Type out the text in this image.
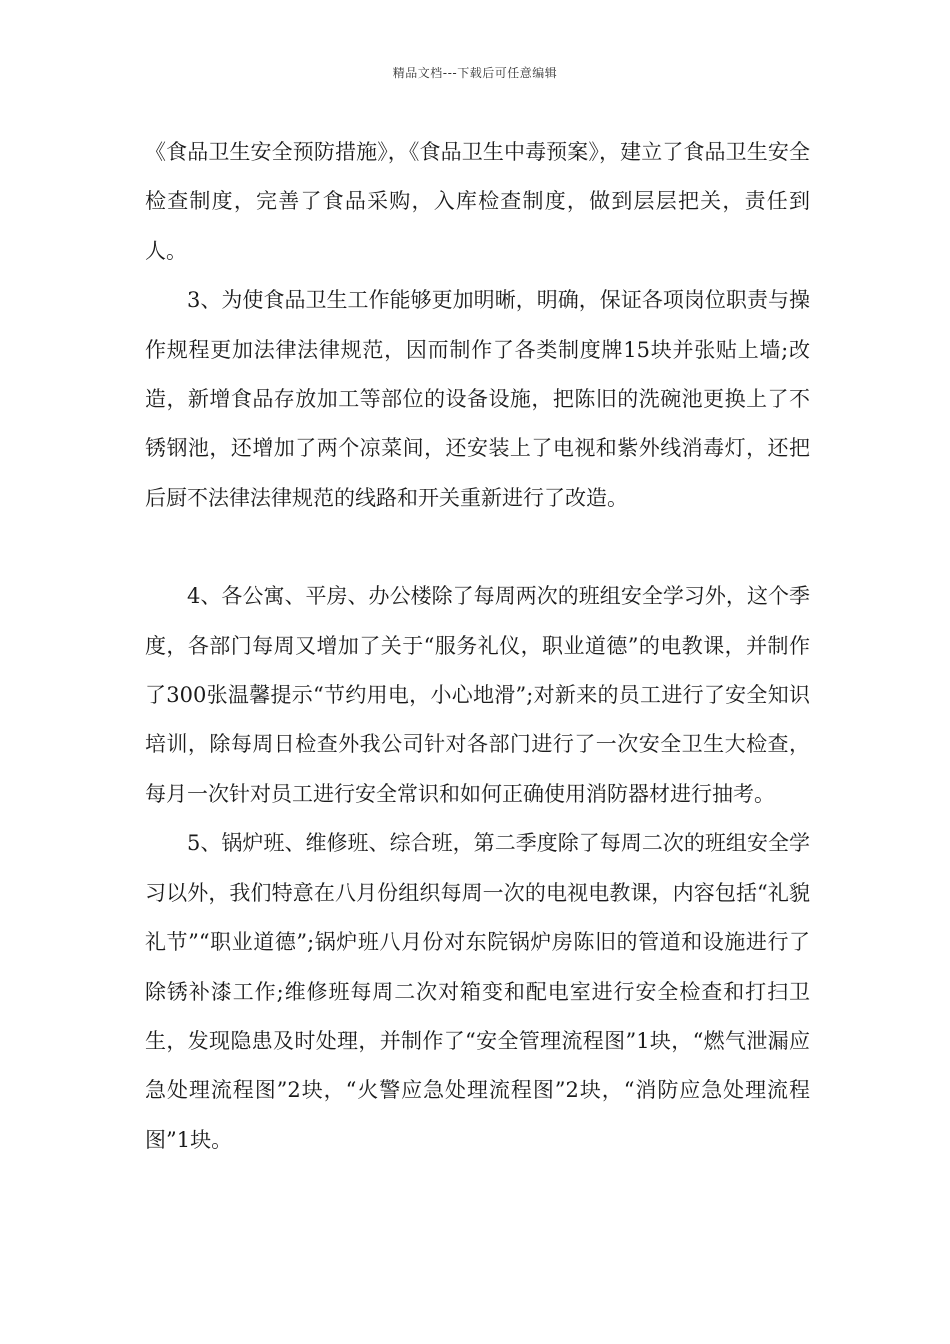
精品文档---下载后可任意编辑

《食品卫生安全预防措施》，《食品卫生中毒预案》，建立了食品卫生安全检查制度，完善了食品采购，入库检查制度，做到层层把关，责任到人。

3、为使食品卫生工作能够更加明晰，明确，保证各项岗位职责与操作规程更加法律法律规范，因而制作了各类制度牌15块并张贴上墙;改造，新增食品存放加工等部位的设备设施，把陈旧的洗碗池更换上了不锈钢池，还增加了两个凉菜间，还安装上了电视和紫外线消毒灯，还把后厨不法律法律规范的线路和开关重新进行了改造。

4、各公寓、平房、办公楼除了每周两次的班组安全学习外，这个季度，各部门每周又增加了关于“服务礼仪，职业道德”的电教课，并制作了300张温馨提示“节约用电，小心地滑”;对新来的员工进行了安全知识培训，除每周日检查外我公司针对各部门进行了一次安全卫生大检查，每月一次针对员工进行安全常识和如何正确使用消防器材进行抽考。

5、锅炉班、维修班、综合班，第二季度除了每周二次的班组安全学习以外，我们特意在八月份组织每周一次的电视电教课，内容包括“礼貌礼节”“职业道德”;锅炉班八月份对东院锅炉房陈旧的管道和设施进行了除锈补漆工作;维修班每周二次对箱变和配电室进行安全检查和打扫卫生，发现隐患及时处理，并制作了“安全管理流程图”1块，“燃气泄漏应急处理流程图”2块，“火警应急处理流程图”2块，“消防应急处理流程图”1块。
